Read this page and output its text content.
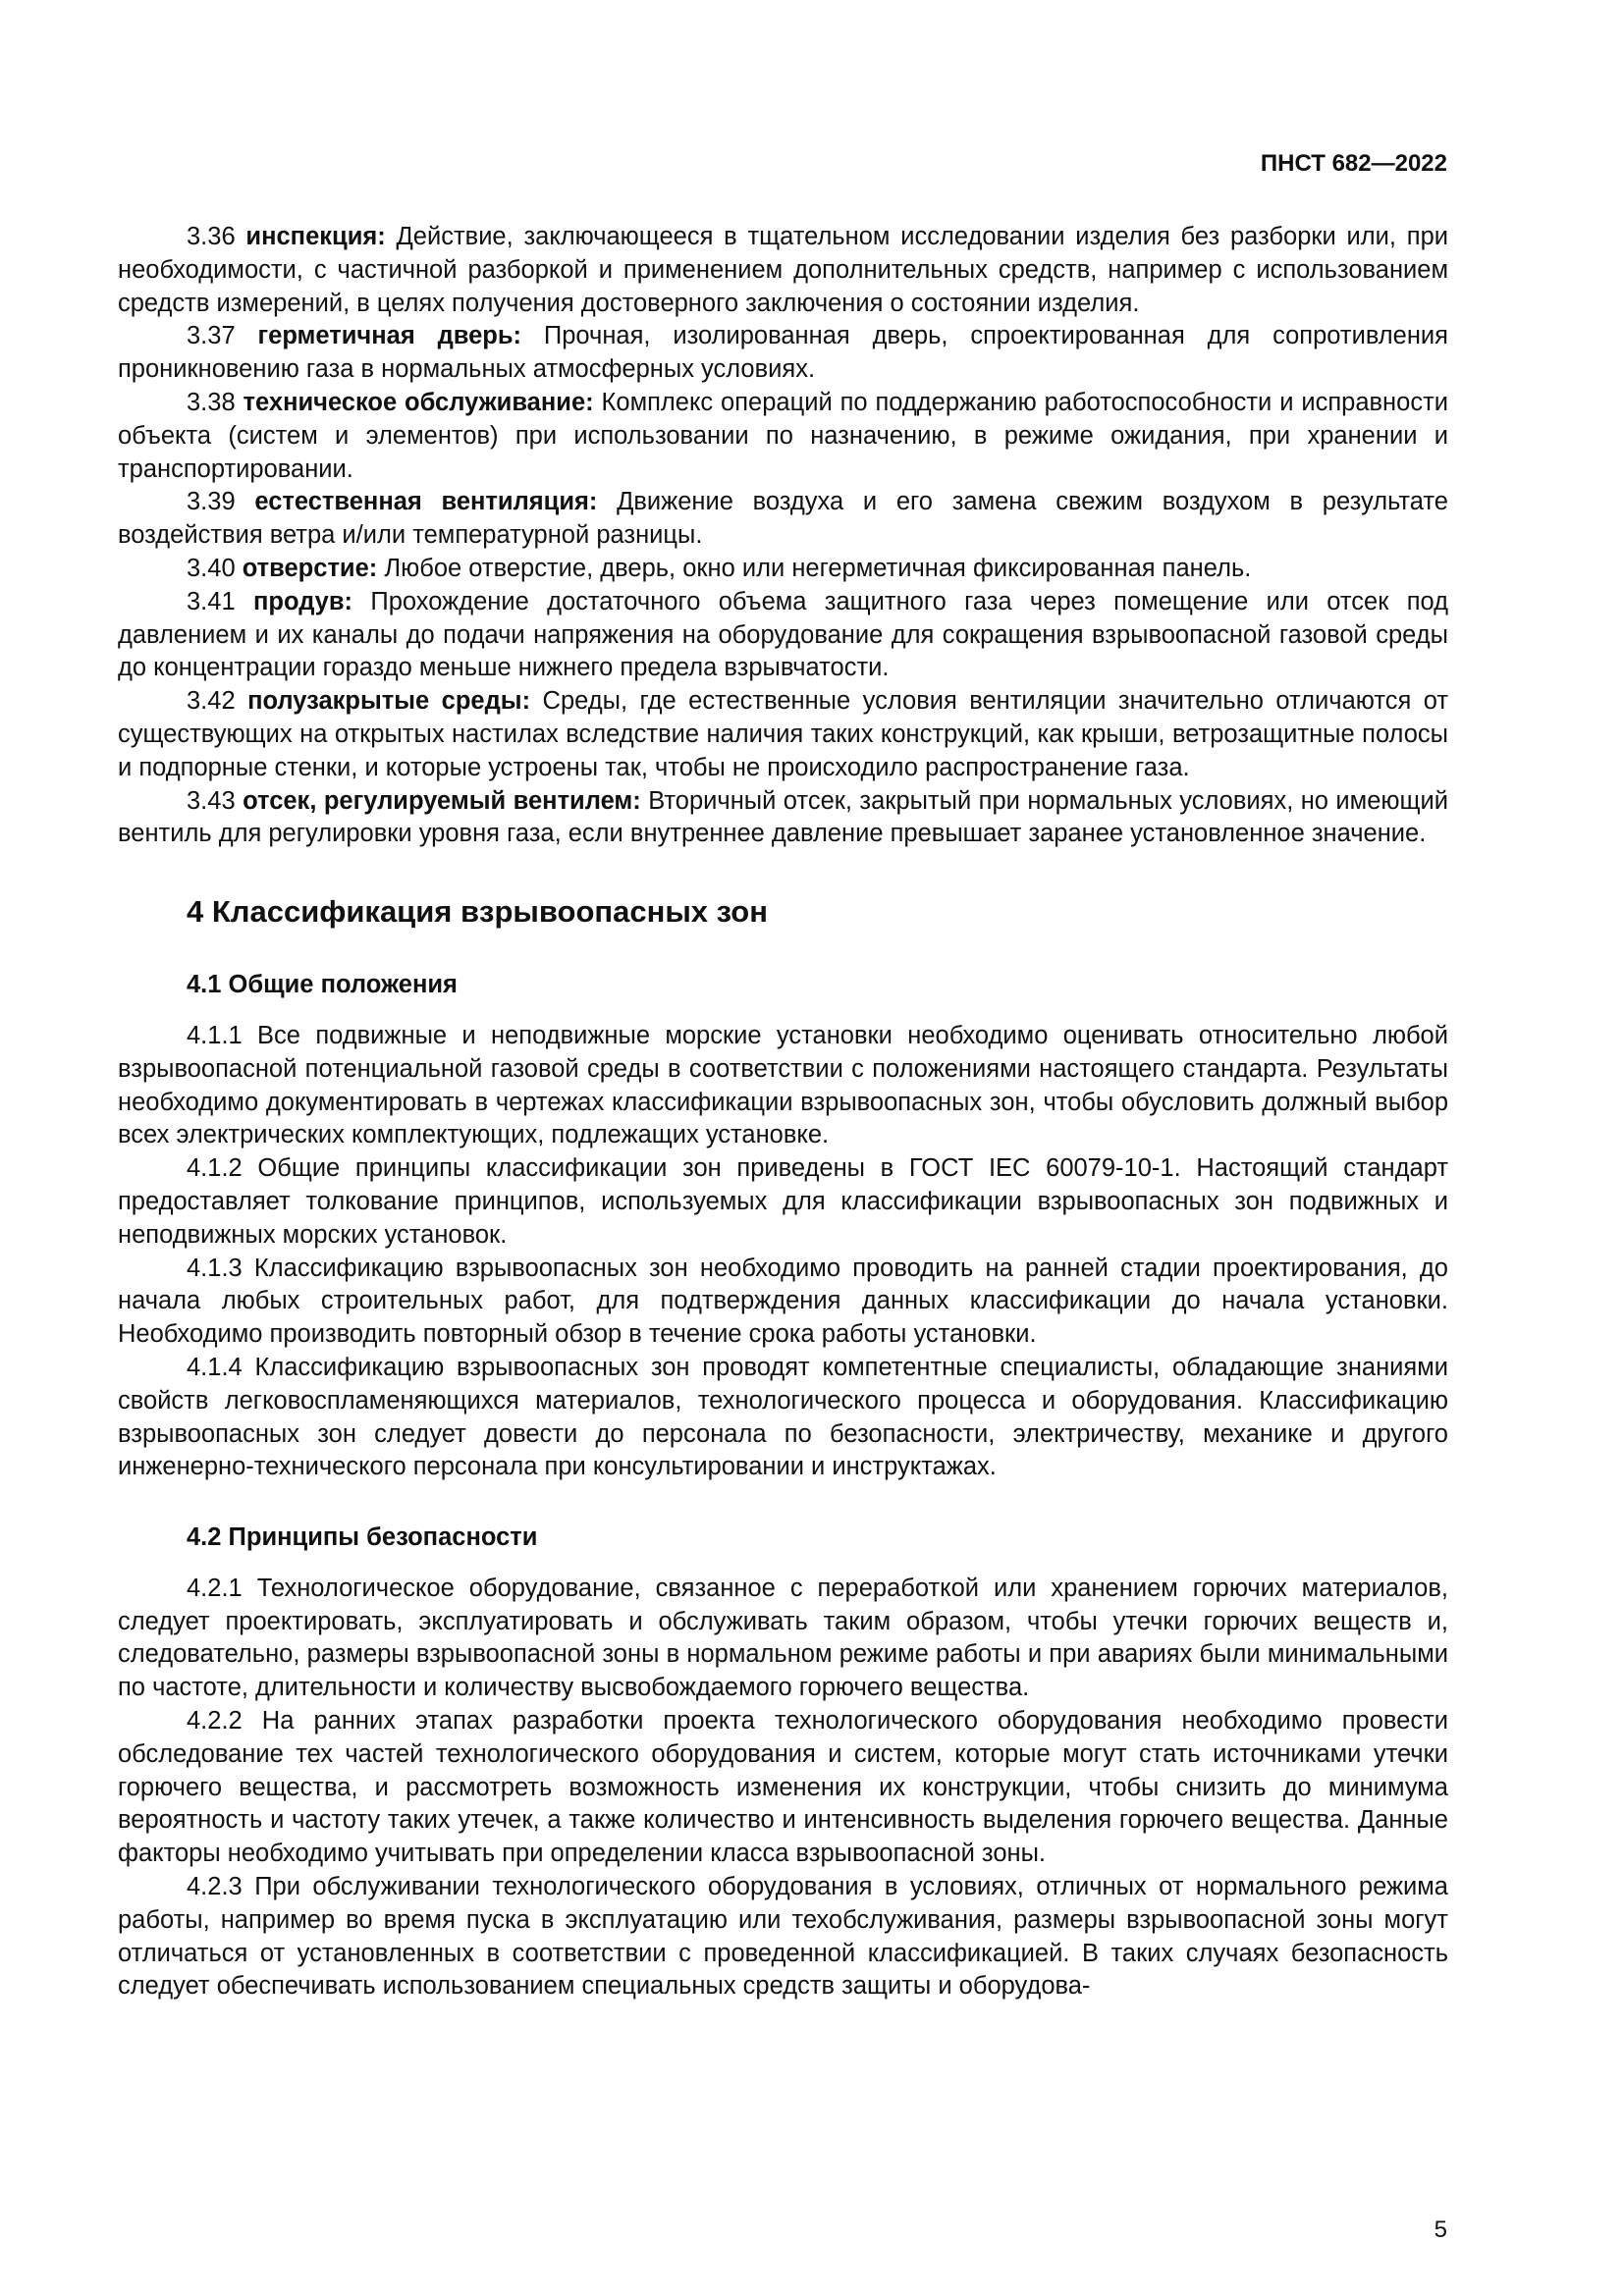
ПНСТ 682—2022

3.36 инспекция: Действие, заключающееся в тщательном исследовании изделия без разборки или, при необходимости, с частичной разборкой и применением дополнительных средств, например с использованием средств измерений, в целях получения достоверного заключения о состоянии изделия.

3.37 герметичная дверь: Прочная, изолированная дверь, спроектированная для сопротивления проникновению газа в нормальных атмосферных условиях.

3.38 техническое обслуживание: Комплекс операций по поддержанию работоспособности и исправности объекта (систем и элементов) при использовании по назначению, в режиме ожидания, при хранении и транспортировании.

3.39 естественная вентиляция: Движение воздуха и его замена свежим воздухом в результате воздействия ветра и/или температурной разницы.

3.40 отверстие: Любое отверстие, дверь, окно или негерметичная фиксированная панель.

3.41 продув: Прохождение достаточного объема защитного газа через помещение или отсек под давлением и их каналы до подачи напряжения на оборудование для сокращения взрывоопасной газовой среды до концентрации гораздо меньше нижнего предела взрывчатости.

3.42 полузакрытые среды: Среды, где естественные условия вентиляции значительно отличаются от существующих на открытых настилах вследствие наличия таких конструкций, как крыши, ветрозащитные полосы и подпорные стенки, и которые устроены так, чтобы не происходило распространение газа.

3.43 отсек, регулируемый вентилем: Вторичный отсек, закрытый при нормальных условиях, но имеющий вентиль для регулировки уровня газа, если внутреннее давление превышает заранее установленное значение.

4 Классификация взрывоопасных зон
4.1 Общие положения

4.1.1 Все подвижные и неподвижные морские установки необходимо оценивать относительно любой взрывоопасной потенциальной газовой среды в соответствии с положениями настоящего стандарта. Результаты необходимо документировать в чертежах классификации взрывоопасных зон, чтобы обусловить должный выбор всех электрических комплектующих, подлежащих установке.

4.1.2 Общие принципы классификации зон приведены в ГОСТ IEC 60079-10-1. Настоящий стандарт предоставляет толкование принципов, используемых для классификации взрывоопасных зон подвижных и неподвижных морских установок.

4.1.3 Классификацию взрывоопасных зон необходимо проводить на ранней стадии проектирования, до начала любых строительных работ, для подтверждения данных классификации до начала установки. Необходимо производить повторный обзор в течение срока работы установки.

4.1.4 Классификацию взрывоопасных зон проводят компетентные специалисты, обладающие знаниями свойств легковоспламеняющихся материалов, технологического процесса и оборудования. Классификацию взрывоопасных зон следует довести до персонала по безопасности, электричеству, механике и другого инженерно-технического персонала при консультировании и инструктажах.

4.2 Принципы безопасности

4.2.1 Технологическое оборудование, связанное с переработкой или хранением горючих материалов, следует проектировать, эксплуатировать и обслуживать таким образом, чтобы утечки горючих веществ и, следовательно, размеры взрывоопасной зоны в нормальном режиме работы и при авариях были минимальными по частоте, длительности и количеству высвобождаемого горючего вещества.

4.2.2 На ранних этапах разработки проекта технологического оборудования необходимо провести обследование тех частей технологического оборудования и систем, которые могут стать источниками утечки горючего вещества, и рассмотреть возможность изменения их конструкции, чтобы снизить до минимума вероятность и частоту таких утечек, а также количество и интенсивность выделения горючего вещества. Данные факторы необходимо учитывать при определении класса взрывоопасной зоны.

4.2.3 При обслуживании технологического оборудования в условиях, отличных от нормального режима работы, например во время пуска в эксплуатацию или техобслуживания, размеры взрывоопасной зоны могут отличаться от установленных в соответствии с проведенной классификацией. В таких случаях безопасность следует обеспечивать использованием специальных средств защиты и оборудова-

5
